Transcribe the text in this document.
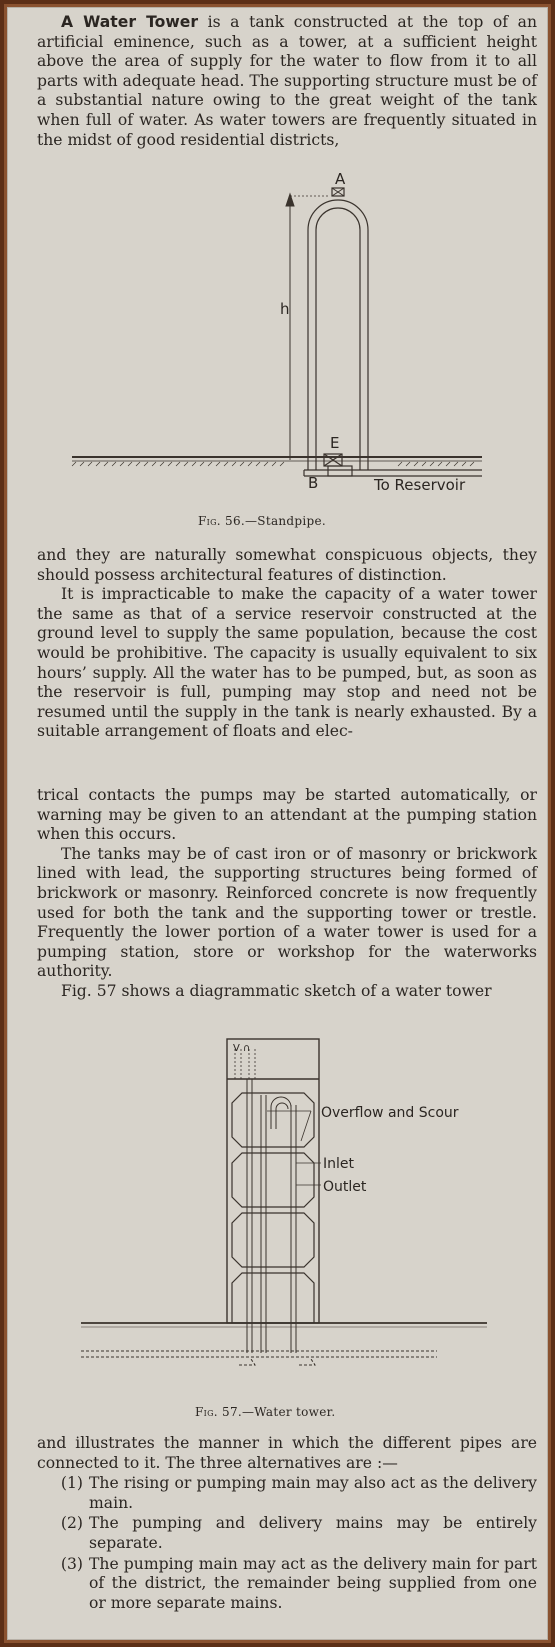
A Water Tower is a tank constructed at the top of an artificial eminence, such as a tower, at a sufficient height above the area of supply for the water to flow from it to all parts with adequate head. The supporting structure must be of a substantial nature owing to the great weight of the tank when full of water. As water towers are frequently situated in the midst of good residential districts,

A
h
E
B	To Reservoir
Fig. 56.—Standpipe.

and they are naturally somewhat conspicuous objects, they should possess architectural features of distinction.

It is impracticable to make the capacity of a water tower the same as that of a service reservoir constructed at the ground level to supply the same population, because the cost would be prohibitive. The capacity is usually equivalent to six hours’ supply. All the water has to be pumped, but, as soon as the reservoir is full, pumping may stop and need not be resumed until the supply in the tank is nearly exhausted. By a suitable arrangement of floats and elec-

trical contacts the pumps may be started automatically, or warning may be given to an attendant at the pumping station when this occurs.

The tanks may be of cast iron or of masonry or brickwork lined with lead, the supporting structures being formed of brickwork or masonry. Reinforced concrete is now frequently used for both the tank and the supporting tower or trestle. Frequently the lower portion of a water tower is used for a pumping station, store or workshop for the waterworks authority.

Fig. 57 shows a diagrammatic sketch of a water tower

V ∩
Overflow and Scour
Inlet
Outlet
Fig. 57.—Water tower.

and illustrates the manner in which the different pipes are connected to it. The three alternatives are :—

(1) The rising or pumping main may also act as the delivery main.
(2) The pumping and delivery mains may be entirely separate.
(3) The pumping main may act as the delivery main for part of the district, the remainder being supplied from one or more separate mains.
